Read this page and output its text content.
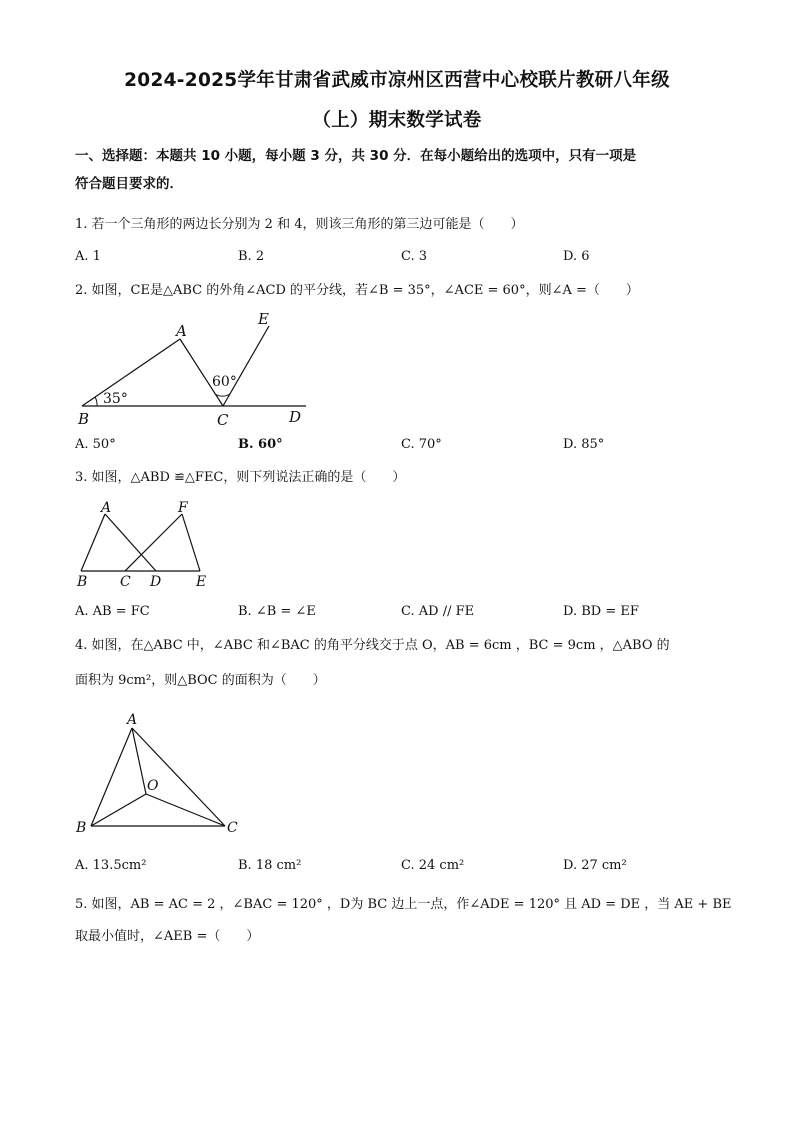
2024-2025学年甘肃省武威市凉州区西营中心校联片教研八年级
（上）期末数学试卷
一、选择题：本题共 10 小题，每小题 3 分，共 30 分．在每小题给出的选项中，只有一项是
符合题目要求的．
1. 若一个三角形的两边长分别为 2 和 4，则该三角形的第三边可能是（　　）
A. 1	B. 2	C. 3	D. 6
2. 如图，CE是△ABC 的外角∠ACD 的平分线，若∠B = 35°，∠ACE = 60°，则∠A =（　　）
A
B	C	D
E
35°
60°
A. 50°	B. 60°	C. 70°	D. 85°
3. 如图，△ABD ≌△FEC，则下列说法正确的是（　　）
A	F
B C D E
A. AB = FC	B. ∠B = ∠E	C. AD // FE	D. BD = EF
4. 如图，在△ABC 中，∠ABC 和∠BAC 的角平分线交于点 O，AB = 6cm ，BC = 9cm ，△ABO 的
面积为 9cm²，则△BOC 的面积为（　　）
A
O
B	C
A. 13.5cm²	B. 18 cm²	C. 24 cm²	D. 27 cm²
5. 如图，AB = AC = 2 ，∠BAC = 120° ，D为 BC 边上一点，作∠ADE = 120° 且 AD = DE ，当 AE + BE
取最小值时，∠AEB =（　　）
